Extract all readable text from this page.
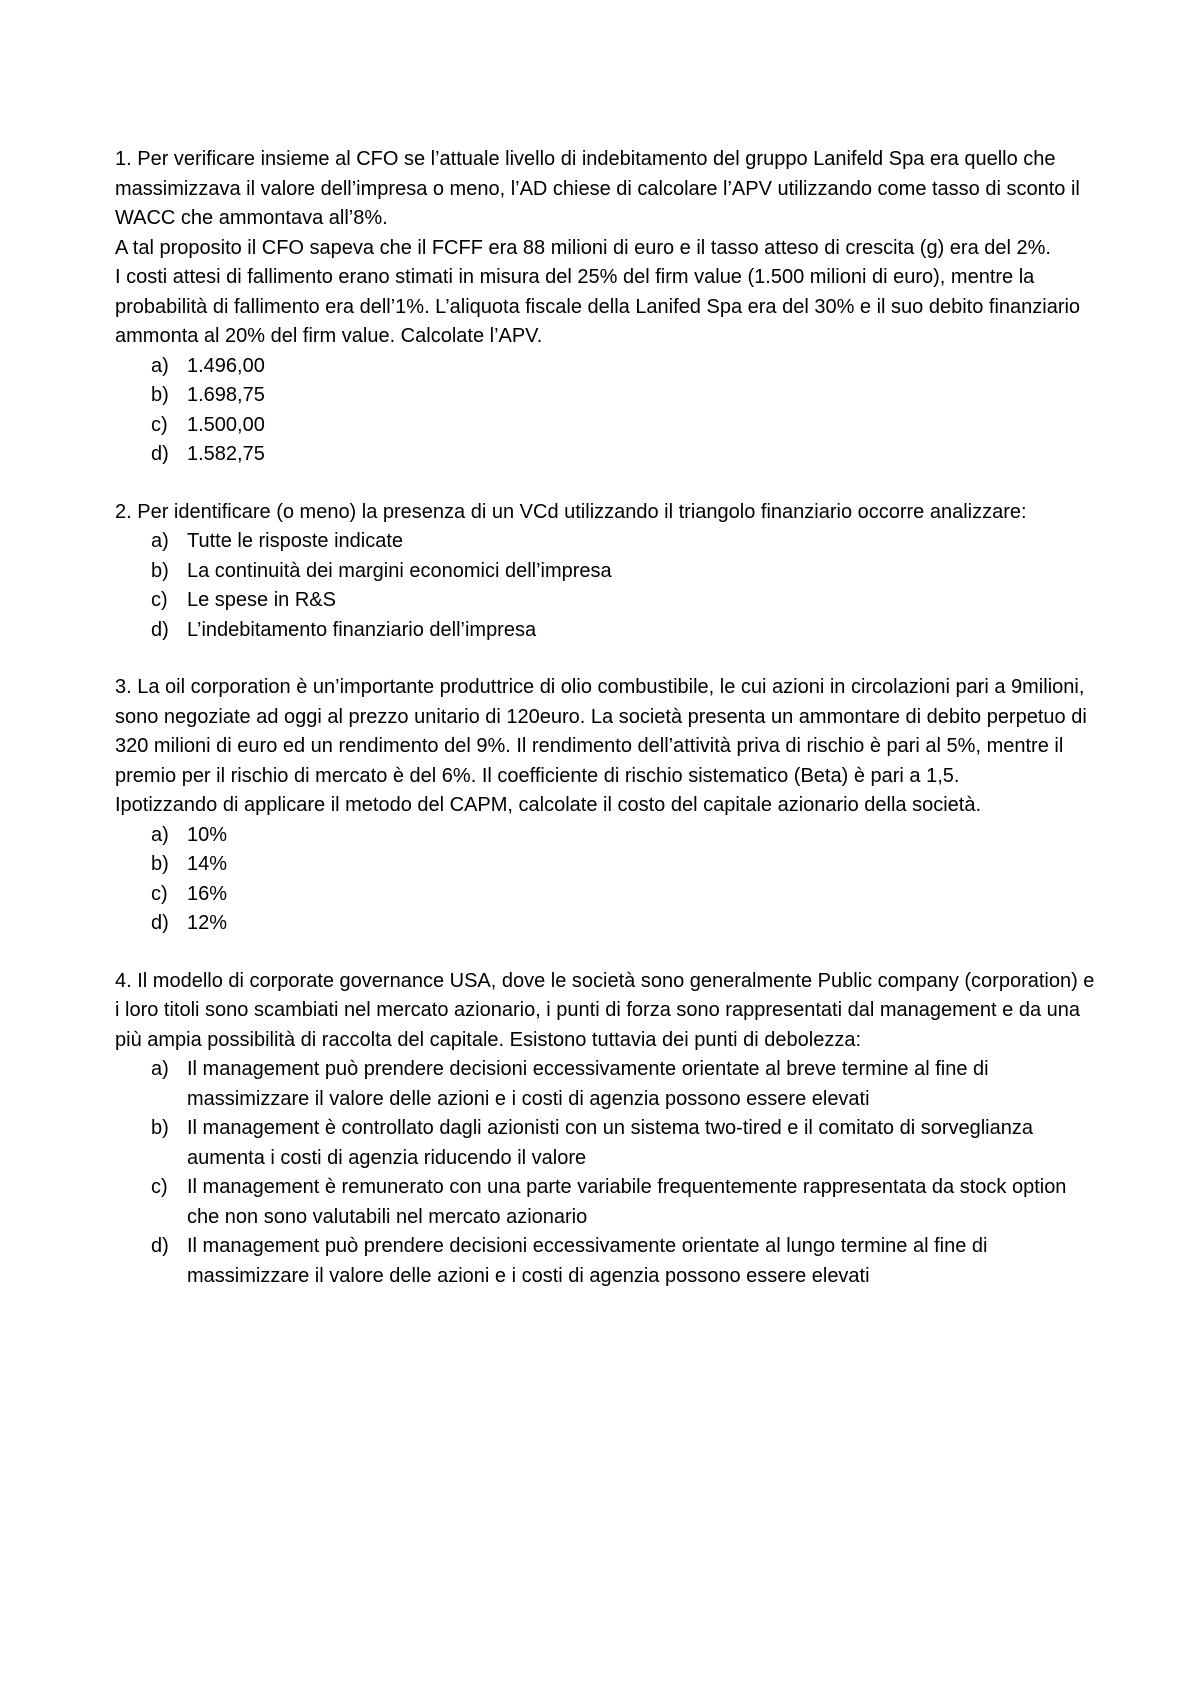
1. Per verificare insieme al CFO se l’attuale livello di indebitamento del gruppo Lanifeld Spa era quello che massimizzava il valore dell’impresa o meno, l’AD chiese di calcolare l’APV utilizzando come tasso di sconto il WACC che ammontava all’8%.

A tal proposito il CFO sapeva che il FCFF era 88 milioni di euro e il tasso atteso di crescita (g) era del 2%.

I costi attesi di fallimento erano stimati in misura del 25% del firm value (1.500 milioni di euro), mentre la probabilità di fallimento era dell’1%. L’aliquota fiscale della Lanifed Spa era del 30% e il suo debito finanziario ammonta al 20% del firm value. Calcolate l’APV.

a) 1.496,00
b) 1.698,75
c) 1.500,00
d) 1.582,75

2. Per identificare (o meno) la presenza di un VCd utilizzando il triangolo finanziario occorre analizzare:

a) Tutte le risposte indicate
b) La continuità dei margini economici dell’impresa
c) Le spese in R&S
d) L’indebitamento finanziario dell’impresa

3. La oil corporation è un’importante produttrice di olio combustibile, le cui azioni in circolazioni pari a 9milioni, sono negoziate ad oggi al prezzo unitario di 120euro. La società presenta un ammontare di debito perpetuo di 320 milioni di euro ed un rendimento del 9%. Il rendimento dell’attività priva di rischio è pari al 5%, mentre il premio per il rischio di mercato è del 6%. Il coefficiente di rischio sistematico (Beta) è pari a 1,5.

Ipotizzando di applicare il metodo del CAPM, calcolate il costo del capitale azionario della società.

a) 10%
b) 14%
c) 16%
d) 12%

4. Il modello di corporate governance USA, dove le società sono generalmente Public company (corporation) e i loro titoli sono scambiati nel mercato azionario, i punti di forza sono rappresentati dal management e da una più ampia possibilità di raccolta del capitale. Esistono tuttavia dei punti di debolezza:

a) Il management può prendere decisioni eccessivamente orientate al breve termine al fine di massimizzare il valore delle azioni e i costi di agenzia possono essere elevati
b) Il management è controllato dagli azionisti con un sistema two-tired e il comitato di sorveglianza aumenta i costi di agenzia riducendo il valore
c) Il management è remunerato con una parte variabile frequentemente rappresentata da stock option che non sono valutabili nel mercato azionario
d) Il management può prendere decisioni eccessivamente orientate al lungo termine al fine di massimizzare il valore delle azioni e i costi di agenzia possono essere elevati
